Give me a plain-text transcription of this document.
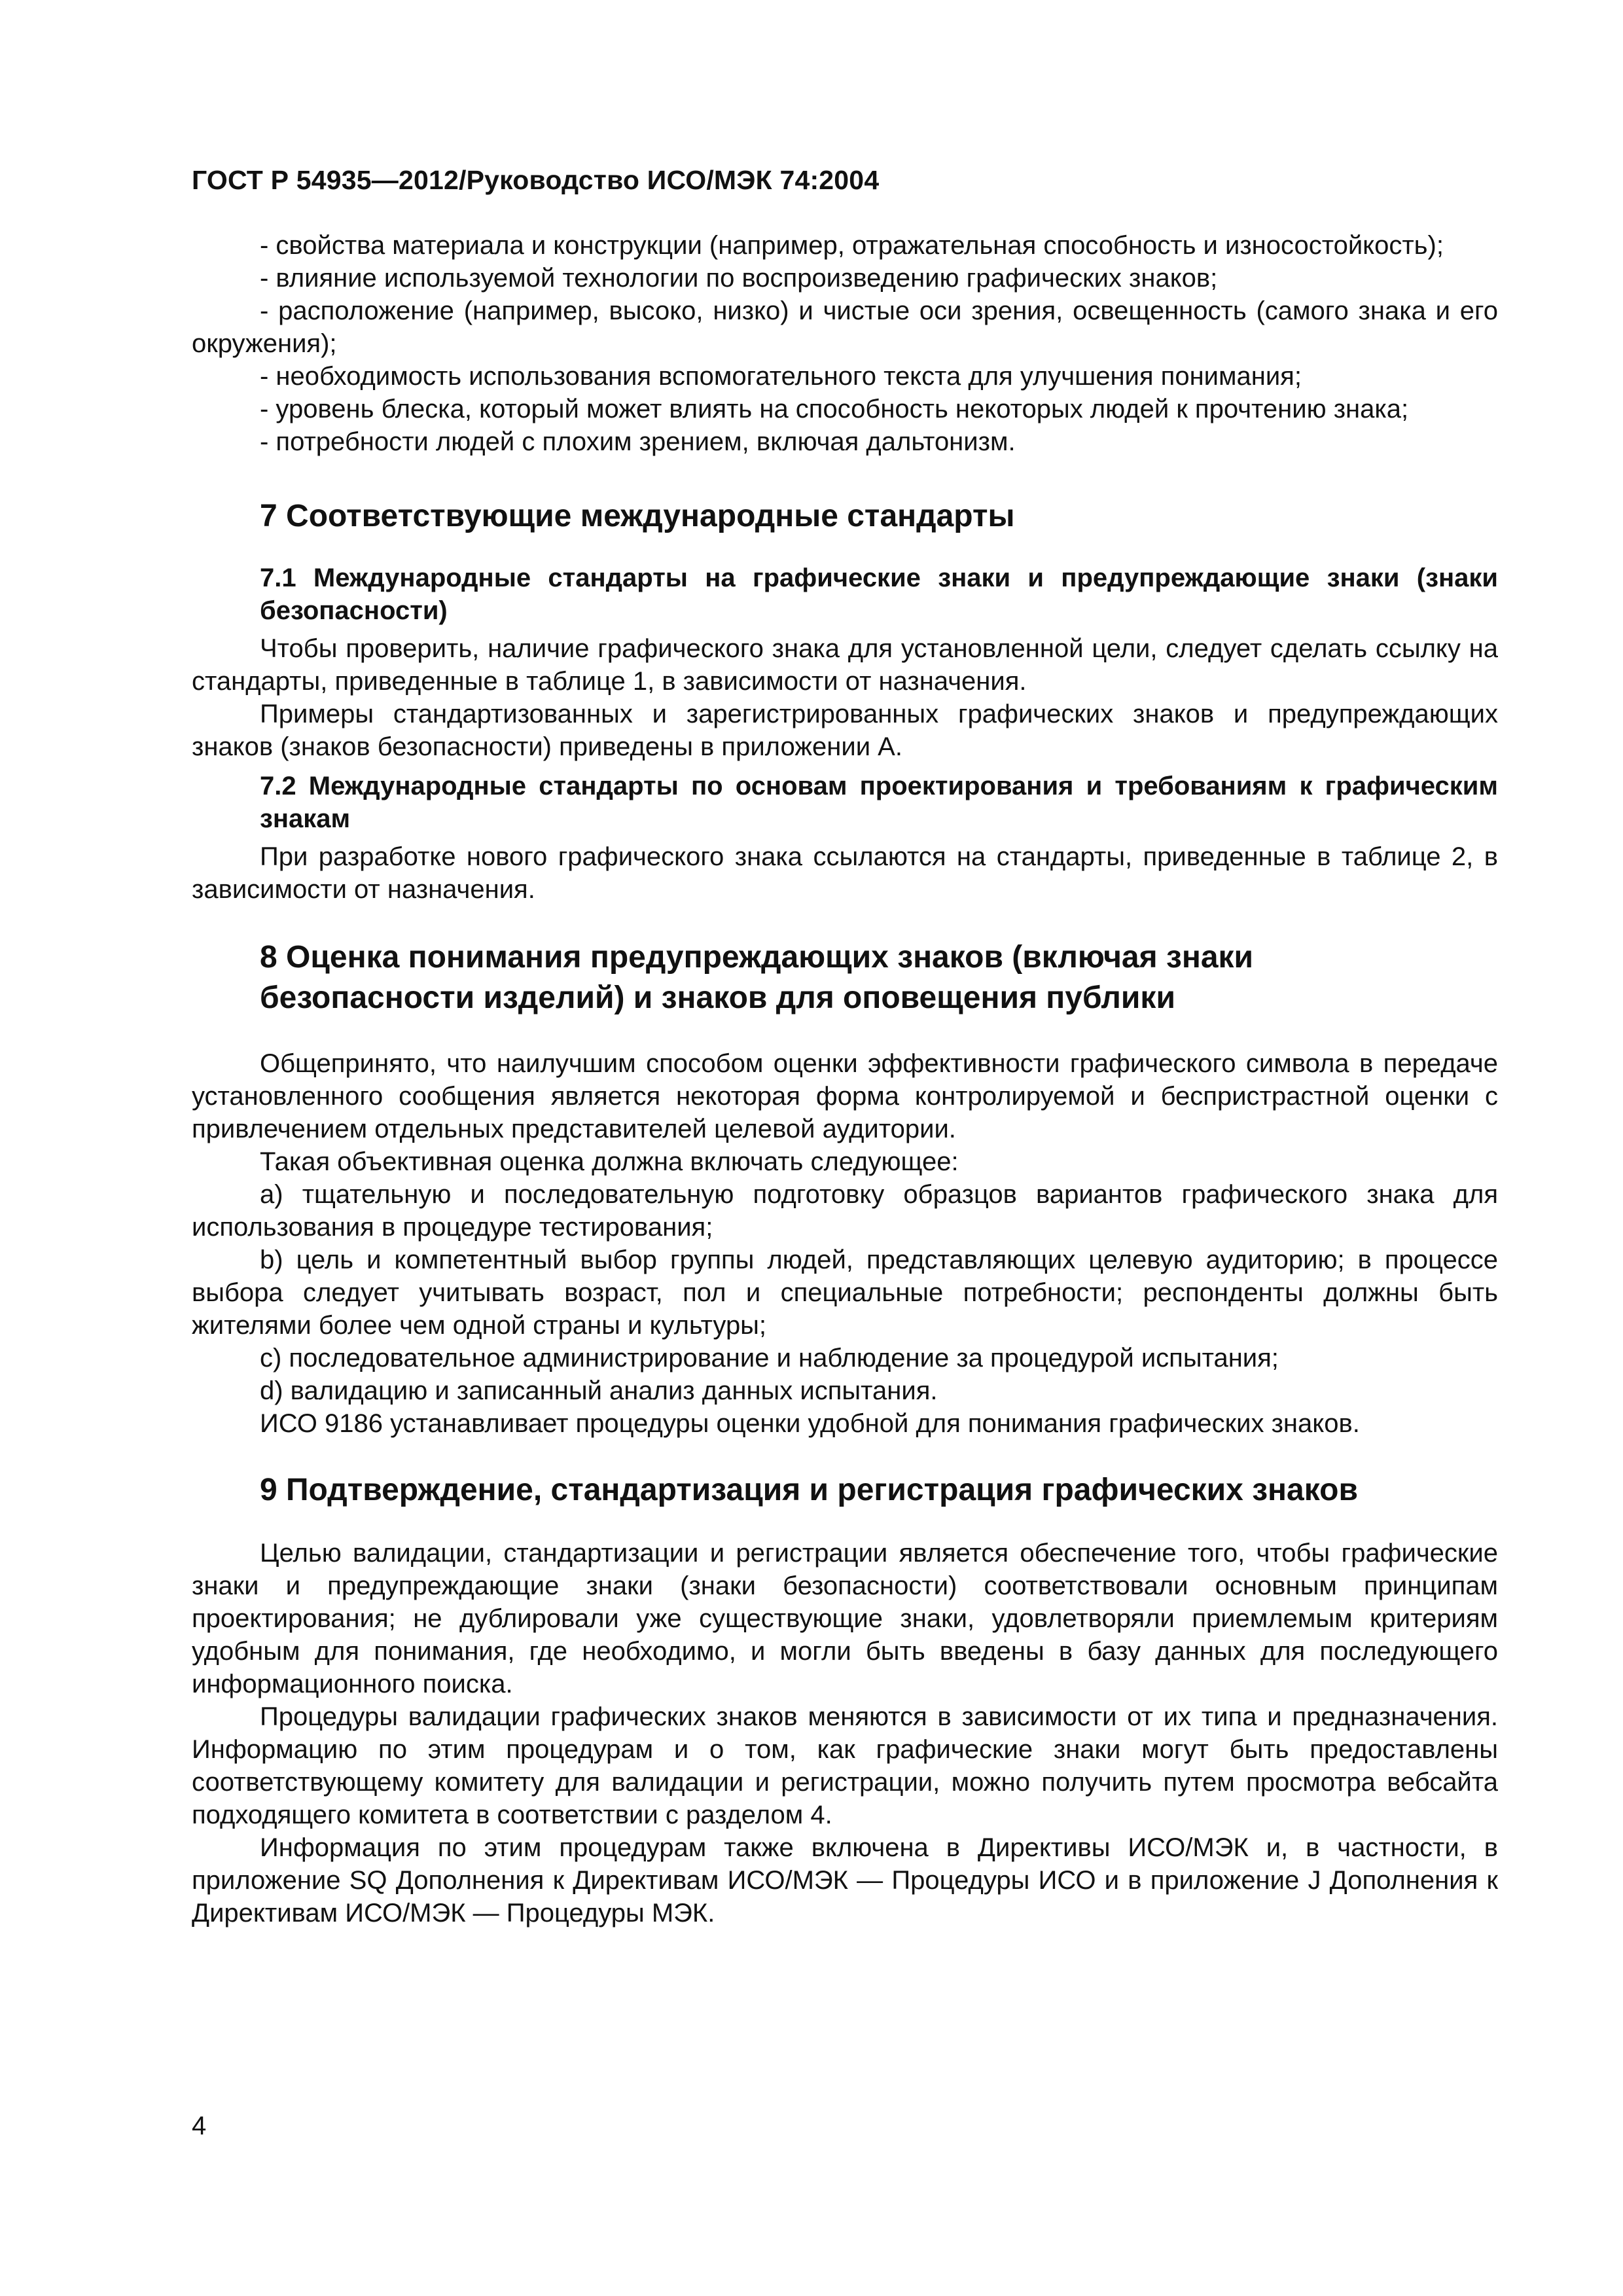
ГОСТ Р 54935—2012/Руководство ИСО/МЭК 74:2004

- свойства материала и конструкции (например, отражательная способность и износостойкость);

- влияние используемой технологии по воспроизведению графических знаков;

- расположение (например, высоко, низко) и чистые оси зрения, освещенность (самого знака и его окружения);

- необходимость использования вспомогательного текста для улучшения понимания;

- уровень блеска, который может влиять на способность некоторых людей к прочтению знака;

- потребности людей с плохим зрением, включая дальтонизм.

7 Соответствующие международные стандарты
7.1 Международные стандарты на графические знаки и предупреждающие знаки (знаки безопасности)

Чтобы проверить, наличие графического знака для установленной цели, следует сделать ссылку на стандарты, приведенные в таблице 1, в зависимости от назначения.

Примеры стандартизованных и зарегистрированных графических знаков и предупреждающих знаков (знаков безопасности) приведены в приложении А.

7.2 Международные стандарты по основам проектирования и требованиям к графическим знакам

При разработке нового графического знака ссылаются на стандарты, приведенные в таблице 2, в зависимости от назначения.

8 Оценка понимания предупреждающих знаков (включая знаки
безопасности изделий) и знаков для оповещения публики

Общепринято, что наилучшим способом оценки эффективности графического символа в передаче установленного сообщения является некоторая форма контролируемой и беспристрастной оценки с привлечением отдельных представителей целевой аудитории.

Такая объективная оценка должна включать следующее:

a) тщательную и последовательную подготовку образцов вариантов графического знака для использования в процедуре тестирования;

b) цель и компетентный выбор группы людей, представляющих целевую аудиторию; в процессе выбора следует учитывать возраст, пол и специальные потребности; респонденты должны быть жителями более чем одной страны и культуры;

c) последовательное администрирование и наблюдение за процедурой испытания;

d) валидацию и записанный анализ данных испытания.

ИСО 9186 устанавливает процедуры оценки удобной для понимания графических знаков.

9 Подтверждение, стандартизация и регистрация графических знаков

Целью валидации, стандартизации и регистрации является обеспечение того, чтобы графические знаки и предупреждающие знаки (знаки безопасности) соответствовали основным принципам проектирования; не дублировали уже существующие знаки, удовлетворяли приемлемым критериям удобным для понимания, где необходимо, и могли быть введены в базу данных для последующего информационного поиска.

Процедуры валидации графических знаков меняются в зависимости от их типа и предназначения. Информацию по этим процедурам и о том, как графические знаки могут быть предоставлены соответствующему комитету для валидации и регистрации, можно получить путем просмотра вебсайта подходящего комитета в соответствии с разделом 4.

Информация по этим процедурам также включена в Директивы ИСО/МЭК и, в частности, в приложение SQ Дополнения к Директивам ИСО/МЭК — Процедуры ИСО и в приложение J Дополнения к Директивам ИСО/МЭК — Процедуры МЭК.

4
